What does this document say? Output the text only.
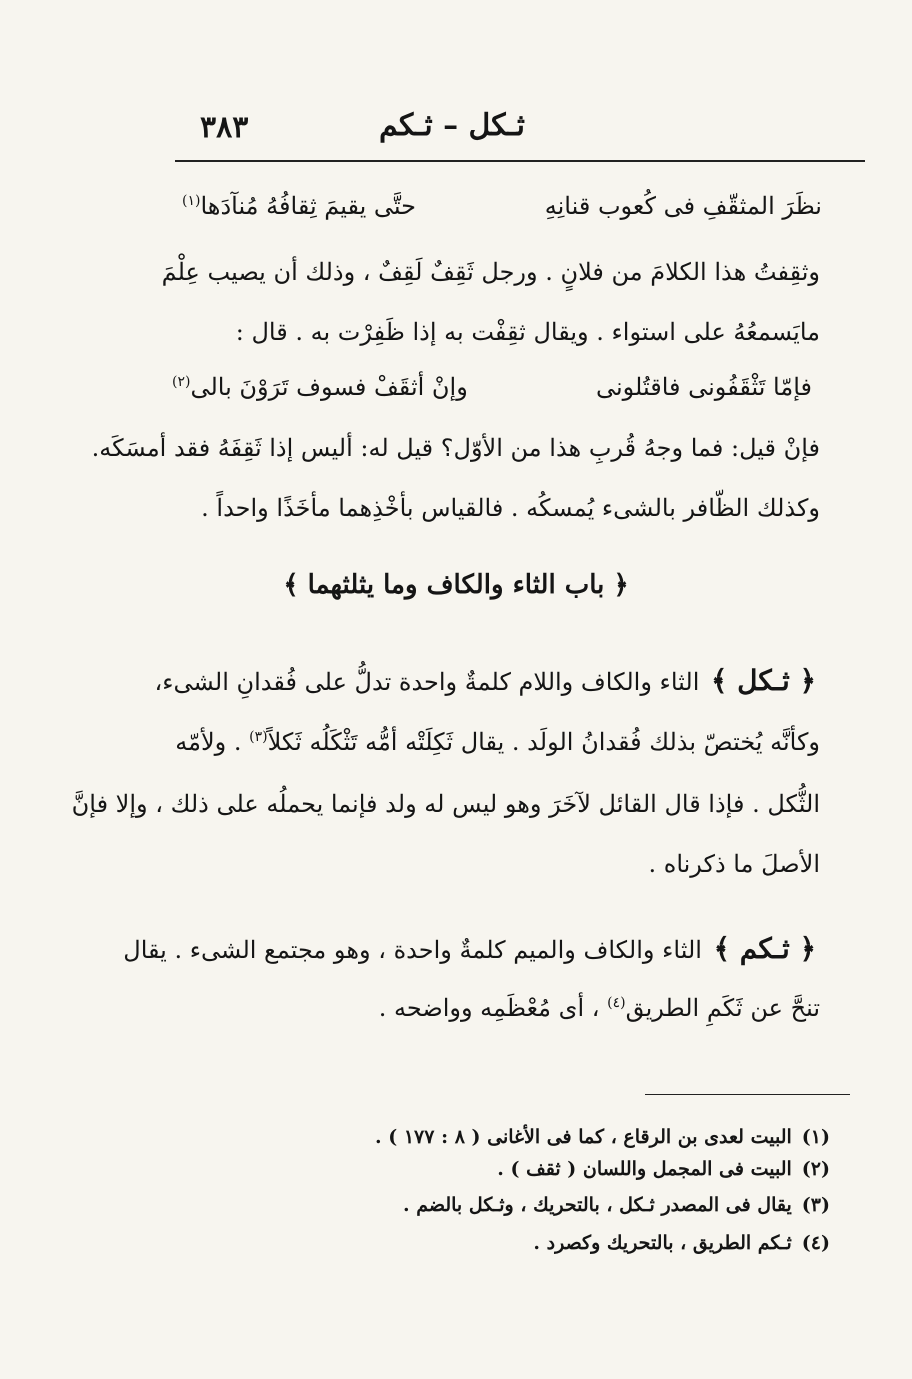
ثـكل – ثـكم
٣٨٣
نظَرَ المثقّفِ فى كُعوب قنانِهِ
حتَّى يقيمَ ثِقافُهُ مُنآدَها$^{(١)}$
وثقِفتُ هذا الكلامَ من فلانٍ . ورجل ثَقِفٌ لَقِفٌ ، وذلك أن يصيب عِلْمَ
مايَسمعُهُ على استواء . ويقال ثقِفْت به إذا ظَفِرْت به . قال :
فإمّا تَثْقَفُونى فاقتُلونى
وإنْ أثقَفْ فسوف تَرَوْنَ بالى$^{(٢)}$
فإنْ قيل: فما وجهُ قُربِ هذا من الأوّل؟ قيل له: أليس إذا ثَقِفَهُ فقد أمسَكَه.
وكذلك الظّافر بالشىء يُمسكُه . فالقياس بأخْذِهما مأخَذًا واحداً .
﴿ باب الثاء والكاف وما يثلثهما ﴾
﴿ ثـكل ﴾ الثاء والكاف واللام كلمةٌ واحدة تدلُّ على فُقدانِ الشىء،
وكأنَّه يُختصّ بذلك فُقدانُ الولَد . يقال ثَكِلَتْه أمُّه تَثْكَلُه ثَكلاً$^{(٣)}$ . ولأمّه
الثُّكل . فإذا قال القائل لآخَرَ وهو ليس له ولد فإنما يحملُه على ذلك ، وإلا فإنَّ
الأصلَ ما ذكرناه .
﴿ ثـكم ﴾ الثاء والكاف والميم كلمةٌ واحدة ، وهو مجتمع الشىء . يقال
تنحَّ عن ثَكَمِ الطريق$^{(٤)}$ ، أى مُعْظَمِه وواضحه .
(١)البيت لعدى بن الرقاع ، كما فى الأغانى ( ٨ : ١٧٧ ) .
(٢)البيت فى المجمل واللسان ( ثقف ) .
(٣)يقال فى المصدر ثـكل ، بالتحريك ، وثـكل بالضم .
(٤)ثـكم الطريق ، بالتحريك وكصرد .
